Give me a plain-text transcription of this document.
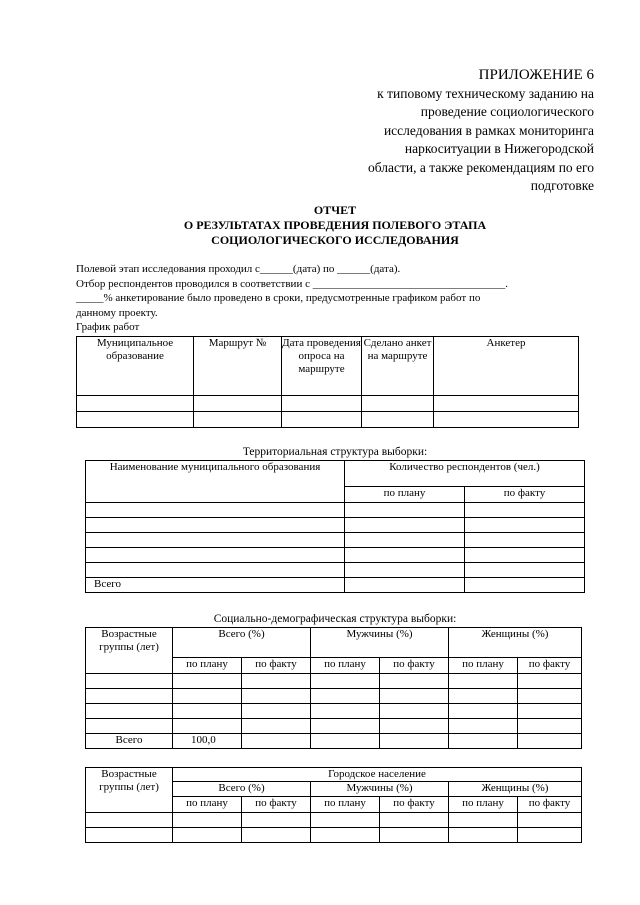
ПРИЛОЖЕНИЕ 6
к типовому техническому заданию на
проведение социологического
исследования в рамках мониторинга
наркоситуации в Нижегородской
области, а также рекомендациям по его
подготовке
ОТЧЕТ
О РЕЗУЛЬТАТАХ ПРОВЕДЕНИЯ ПОЛЕВОГО ЭТАПА
СОЦИОЛОГИЧЕСКОГО ИССЛЕДОВАНИЯ
Полевой этап исследования проходил с______(дата) по ______(дата).
Отбор респондентов проводился в соответствии с ___________________________________.
_____% анкетирование было проведено в сроки, предусмотренные графиком работ по
данному проекту.
График работ
Муниципальное образование	Маршрут №	Дата проведения опроса на маршруте	Сделано анкет на маршруте	Анкетер

Территориальная структура выборки:
Наименование муниципального образования	Количество респондентов (чел.)	
	по плану	по факту

Всего		
Социально-демографическая структура выборки:
Возрастные группы (лет)	Всего (%)		Мужчины (%)		Женщины (%)	
	по плану	по факту	по плану	по факту	по плану	по факту

Всего	100,0					
Возрастные группы (лет)	Городское население					
	Всего (%)		Мужчины (%)		Женщины (%)	
	по плану	по факту	по плану	по факту	по плану	по факту
